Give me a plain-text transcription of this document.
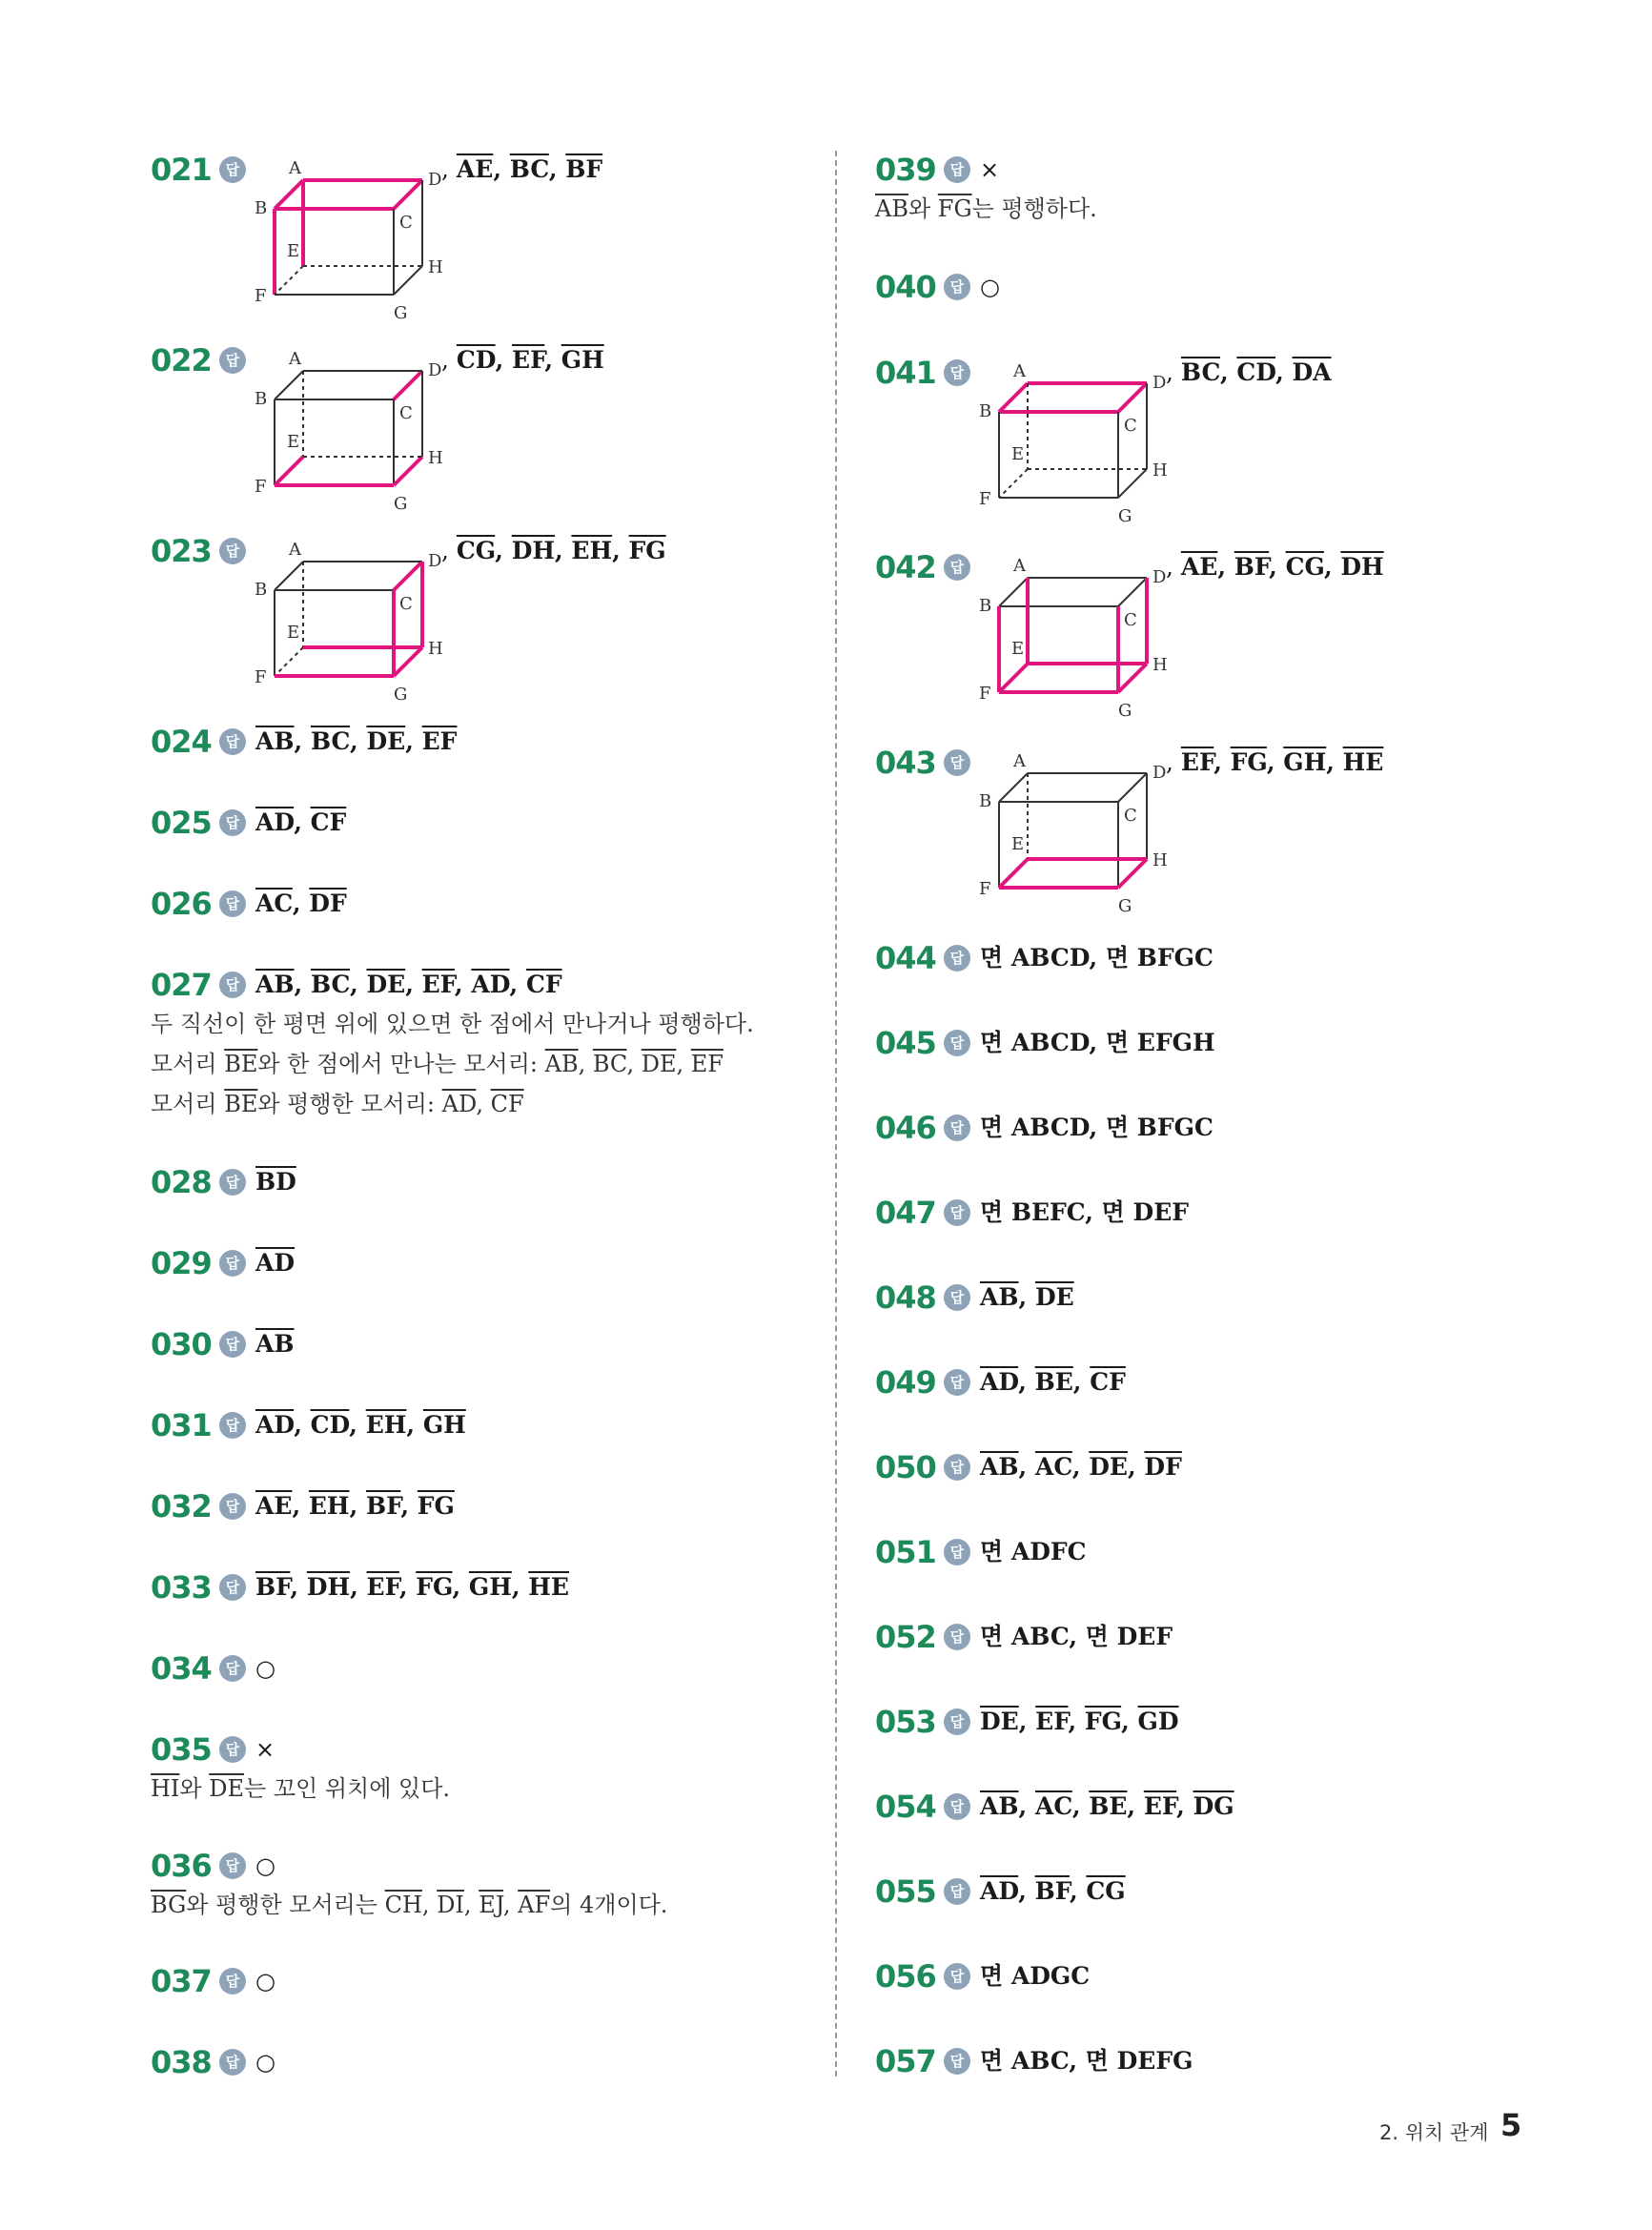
021 답	A
B
C
D
E
F
G
H
, $\overline{AE}$, $\overline{BC}$, $\overline{BF}$
022 답	A
B
C
D
E
F
G
H
, $\overline{CD}$, $\overline{EF}$, $\overline{GH}$
023 답	A
B
C
D
E
F
G
H
, $\overline{CG}$, $\overline{DH}$, $\overline{EH}$, $\overline{FG}$
024 답 $\overline{AB}$, $\overline{BC}$, $\overline{DE}$, $\overline{EF}$
025 답 $\overline{AD}$, $\overline{CF}$
026 답 $\overline{AC}$, $\overline{DF}$
027 답 $\overline{AB}$, $\overline{BC}$, $\overline{DE}$, $\overline{EF}$, $\overline{AD}$, $\overline{CF}$
두 직선이 한 평면 위에 있으면 한 점에서 만나거나 평행하다.
모서리 $\overline{BE}$와 한 점에서 만나는 모서리: $\overline{AB}$, $\overline{BC}$, $\overline{DE}$, $\overline{EF}$
모서리 $\overline{BE}$와 평행한 모서리: $\overline{AD}$, $\overline{CF}$
028 답 $\overline{BD}$
029 답 $\overline{AD}$
030 답 $\overline{AB}$
031 답 $\overline{AD}$, $\overline{CD}$, $\overline{EH}$, $\overline{GH}$
032 답 $\overline{AE}$, $\overline{EH}$, $\overline{BF}$, $\overline{FG}$
033 답 $\overline{BF}$, $\overline{DH}$, $\overline{EF}$, $\overline{FG}$, $\overline{GH}$, $\overline{HE}$
034 답 ○
035 답 ×
$\overline{HI}$와 $\overline{DE}$는 꼬인 위치에 있다.
036 답 ○
$\overline{BG}$와 평행한 모서리는 $\overline{CH}$, $\overline{DI}$, $\overline{EJ}$, $\overline{AF}$의 4개이다.
037 답 ○
038 답 ○
039 답 ×
$\overline{AB}$와 $\overline{FG}$는 평행하다.
040 답 ○
041 답	A
B
C
D
E
F
G
H
, $\overline{BC}$, $\overline{CD}$, $\overline{DA}$
042 답	A
B
C
D
E
F
G
H
, $\overline{AE}$, $\overline{BF}$, $\overline{CG}$, $\overline{DH}$
043 답	A
B
C
D
E
F
G
H
, $\overline{EF}$, $\overline{FG}$, $\overline{GH}$, $\overline{HE}$
044 답 면 ABCD, 면 BFGC
045 답 면 ABCD, 면 EFGH
046 답 면 ABCD, 면 BFGC
047 답 면 BEFC, 면 DEF
048 답 $\overline{AB}$, $\overline{DE}$
049 답 $\overline{AD}$, $\overline{BE}$, $\overline{CF}$
050 답 $\overline{AB}$, $\overline{AC}$, $\overline{DE}$, $\overline{DF}$
051 답 면 ADFC
052 답 면 ABC, 면 DEF
053 답 $\overline{DE}$, $\overline{EF}$, $\overline{FG}$, $\overline{GD}$
054 답 $\overline{AB}$, $\overline{AC}$, $\overline{BE}$, $\overline{EF}$, $\overline{DG}$
055 답 $\overline{AD}$, $\overline{BF}$, $\overline{CG}$
056 답 면 ADGC
057 답 면 ABC, 면 DEFG
2. 위치 관계 5
